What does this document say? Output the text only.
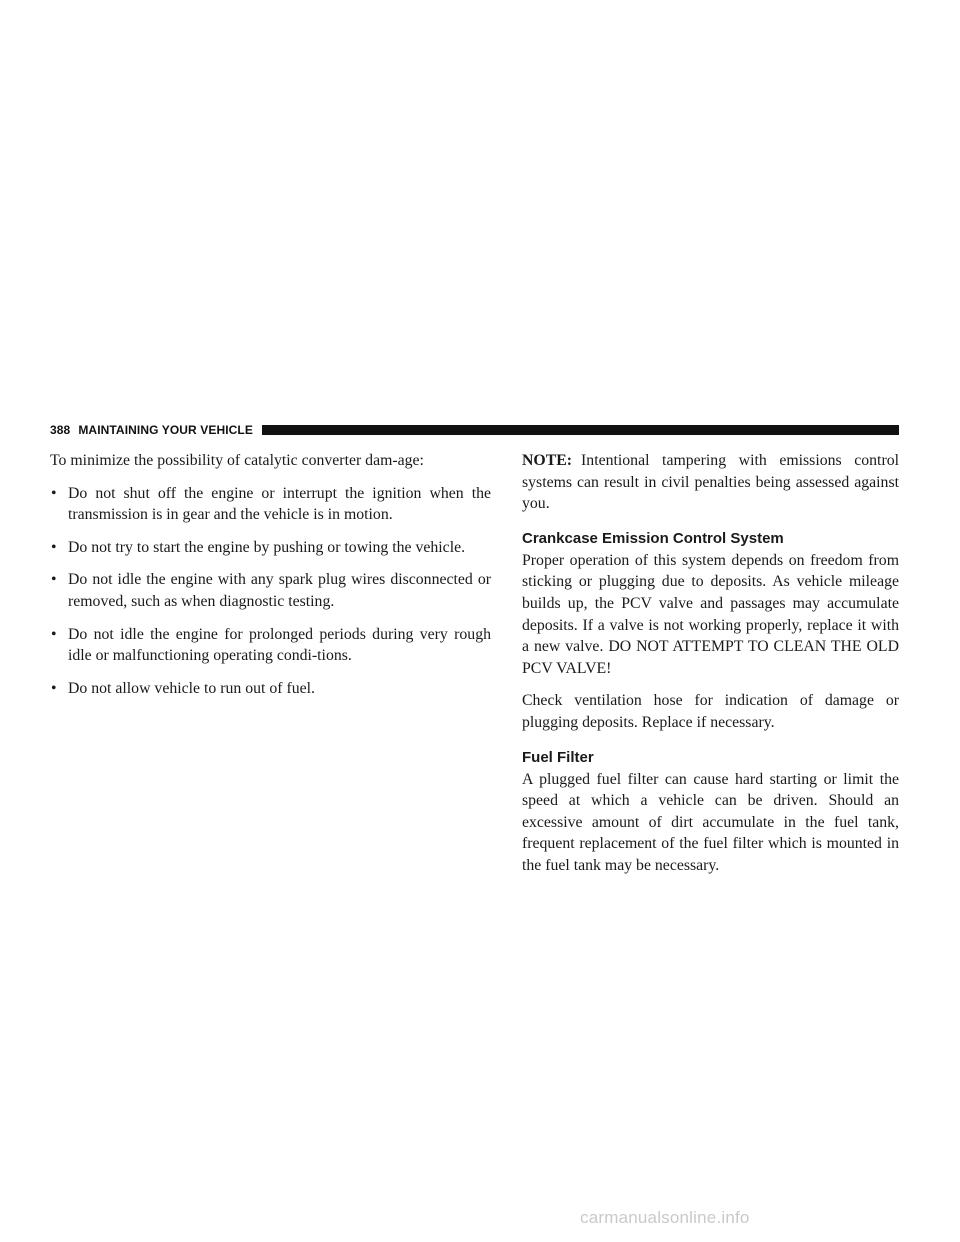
388 MAINTAINING YOUR VEHICLE

To minimize the possibility of catalytic converter dam-age:

• Do not shut off the engine or interrupt the ignition when the transmission is in gear and the vehicle is in motion.
• Do not try to start the engine by pushing or towing the vehicle.
• Do not idle the engine with any spark plug wires disconnected or removed, such as when diagnostic testing.
• Do not idle the engine for prolonged periods during very rough idle or malfunctioning operating condi-tions.
• Do not allow vehicle to run out of fuel.

NOTE: Intentional tampering with emissions control systems can result in civil penalties being assessed against you.

Crankcase Emission Control System

Proper operation of this system depends on freedom from sticking or plugging due to deposits. As vehicle mileage builds up, the PCV valve and passages may accumulate deposits. If a valve is not working properly, replace it with a new valve. DO NOT ATTEMPT TO CLEAN THE OLD PCV VALVE!

Check ventilation hose for indication of damage or plugging deposits. Replace if necessary.

Fuel Filter

A plugged fuel filter can cause hard starting or limit the speed at which a vehicle can be driven. Should an excessive amount of dirt accumulate in the fuel tank, frequent replacement of the fuel filter which is mounted in the fuel tank may be necessary.

carmanualsonline.info
